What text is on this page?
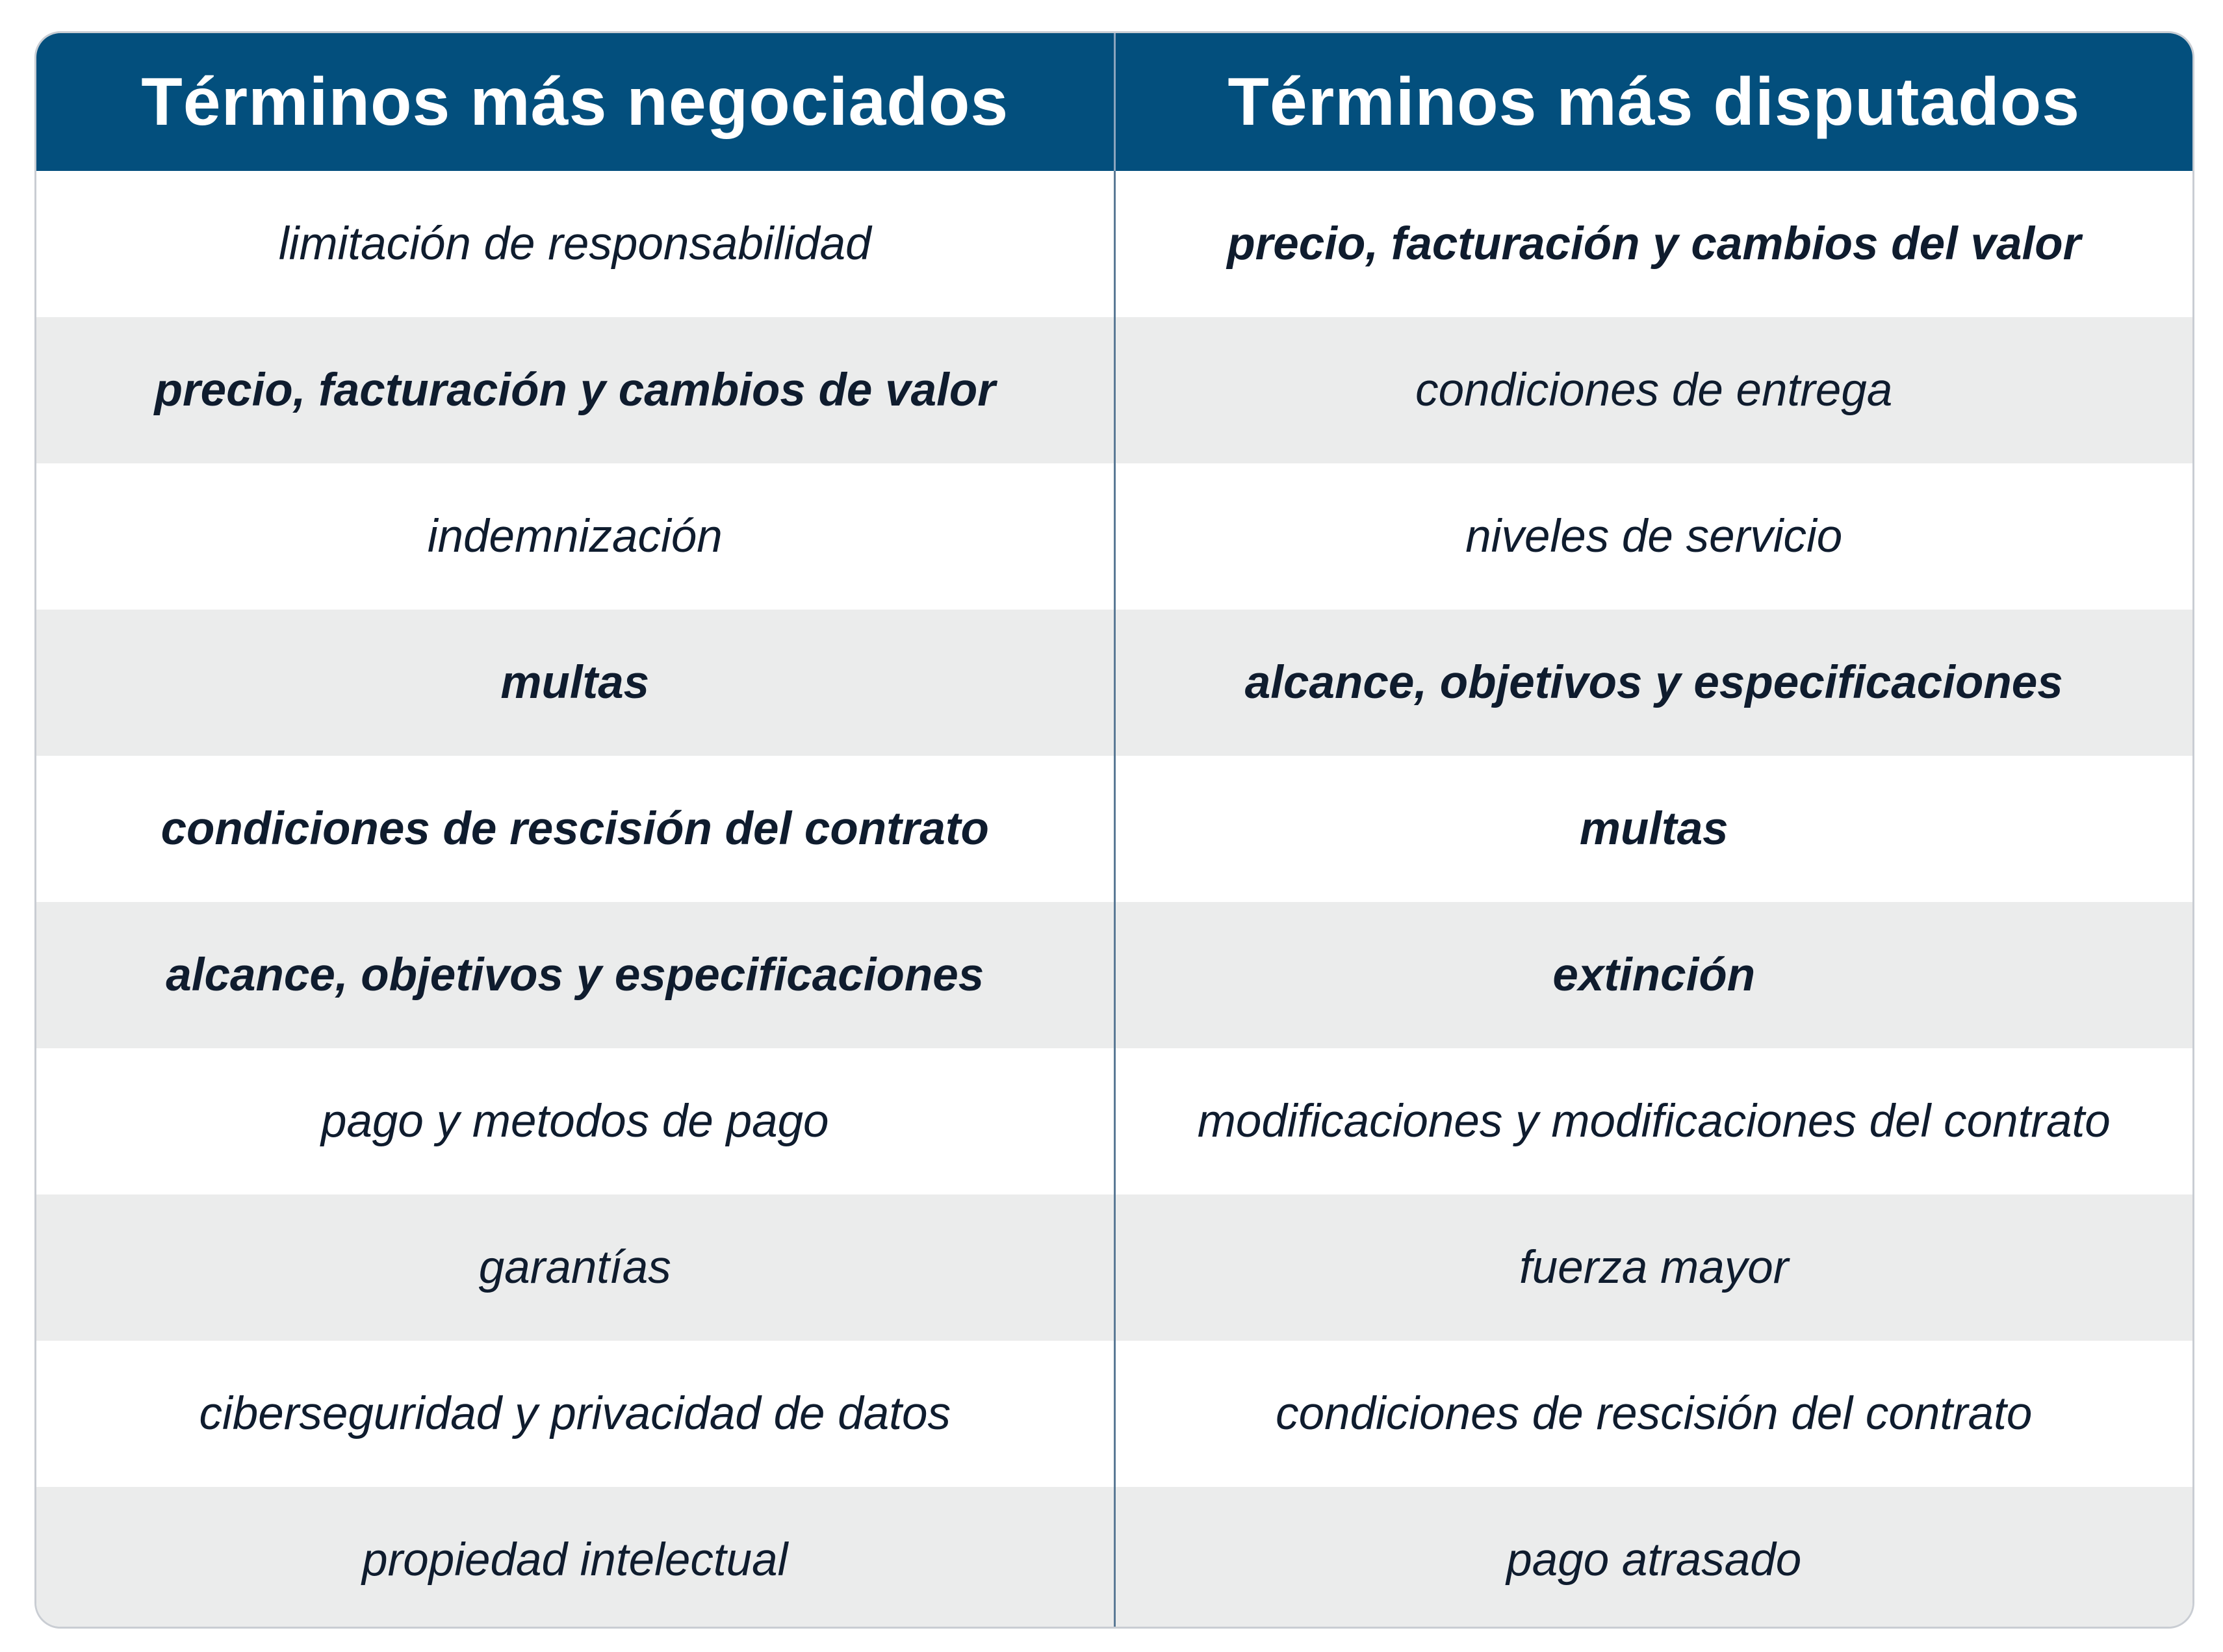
Términos más negociados	Términos más disputados
limitación de responsabilidad	precio, facturación y cambios del valor
precio, facturación y cambios de valor	condiciones de entrega
indemnización	niveles de servicio
multas	alcance, objetivos y especificaciones
condiciones de rescisión del contrato	multas
alcance, objetivos y especificaciones	extinción
pago y metodos de pago	modificaciones y modificaciones del contrato
garantías	fuerza mayor
ciberseguridad y privacidad de datos	condiciones de rescisión del contrato
propiedad intelectual	pago atrasado
